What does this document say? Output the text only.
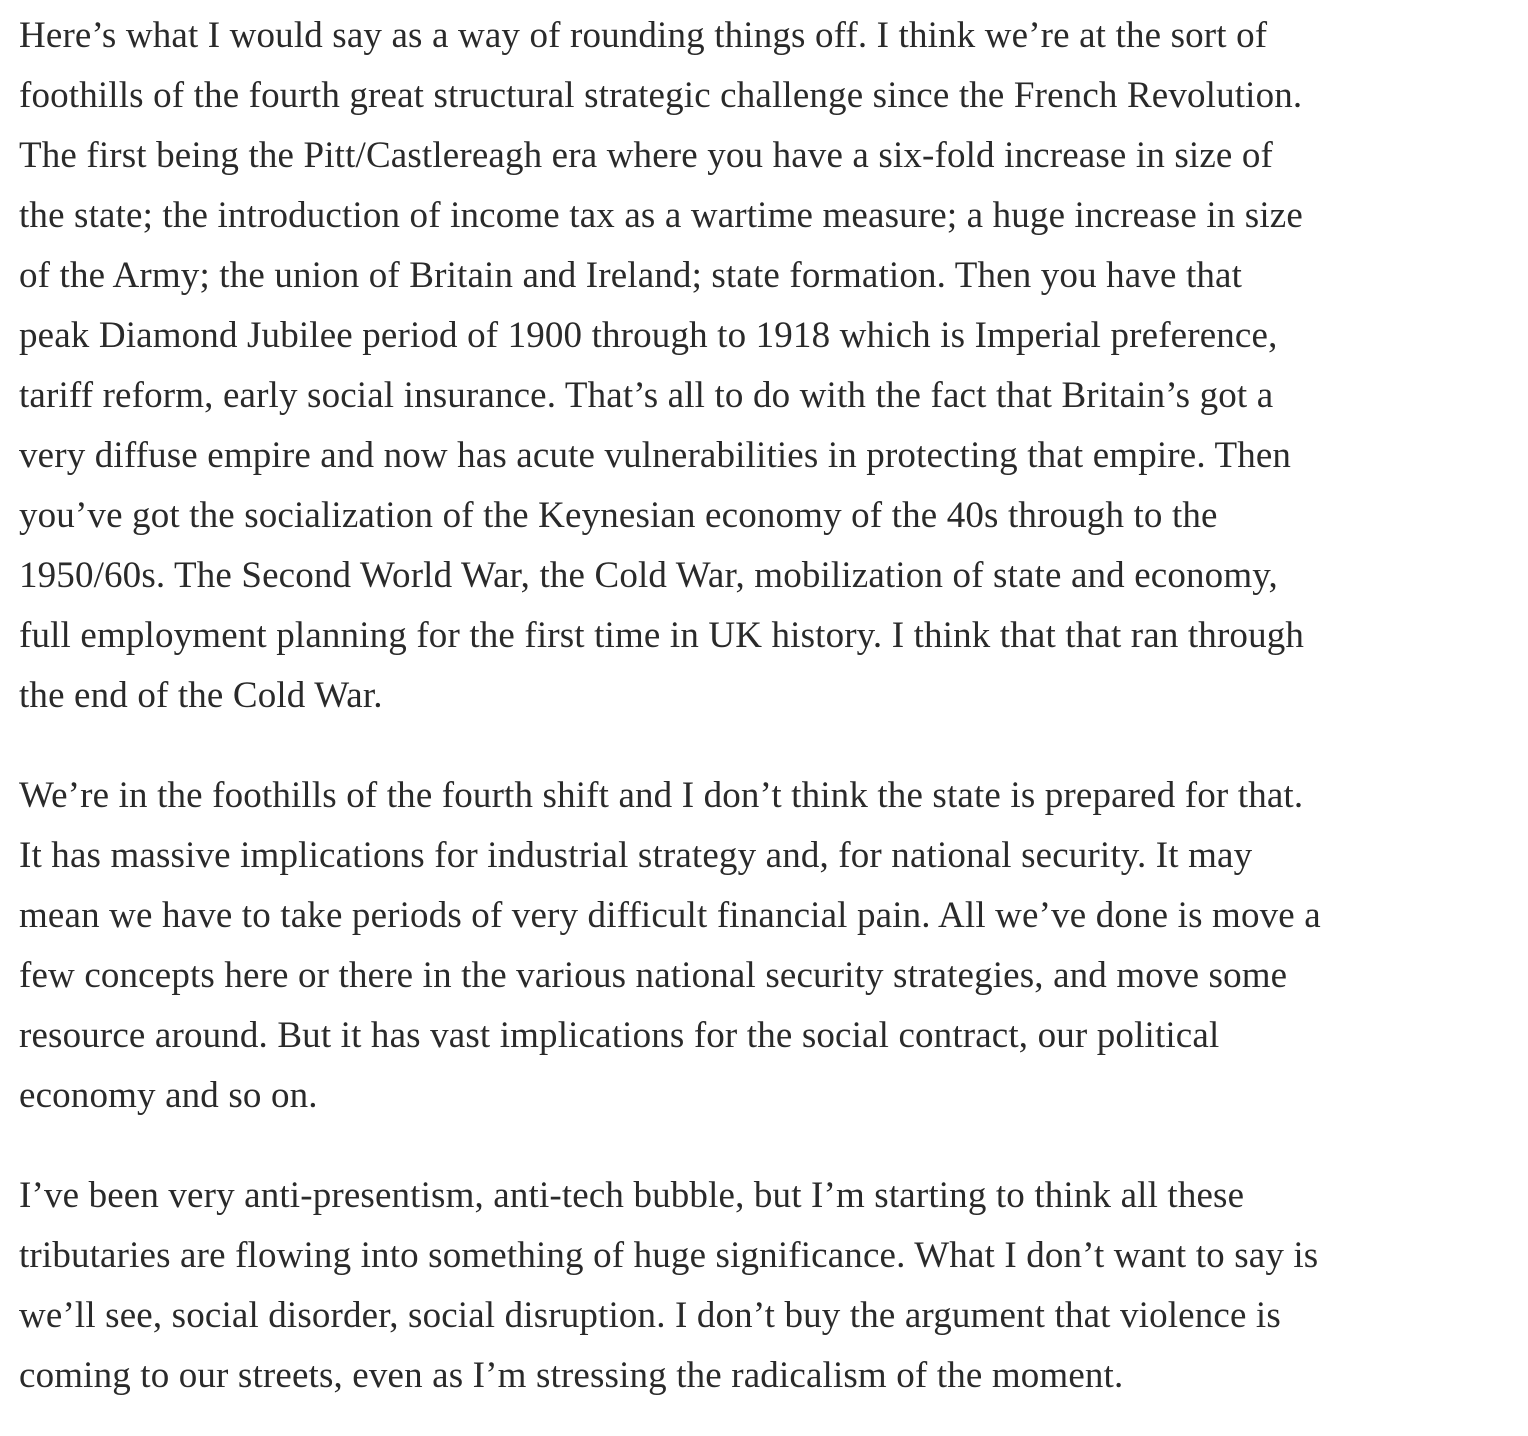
Here’s what I would say as a way of rounding things off. I think we’re at the sort of
foothills of the fourth great structural strategic challenge since the French Revolution.
The first being the Pitt/Castlereagh era where you have a six-fold increase in size of
the state; the introduction of income tax as a wartime measure; a huge increase in size
of the Army; the union of Britain and Ireland; state formation. Then you have that
peak Diamond Jubilee period of 1900 through to 1918 which is Imperial preference,
tariff reform, early social insurance. That’s all to do with the fact that Britain’s got a
very diffuse empire and now has acute vulnerabilities in protecting that empire. Then
you’ve got the socialization of the Keynesian economy of the 40s through to the
1950/60s. The Second World War, the Cold War, mobilization of state and economy,
full employment planning for the first time in UK history. I think that that ran through
the end of the Cold War.

We’re in the foothills of the fourth shift and I don’t think the state is prepared for that.
It has massive implications for industrial strategy and, for national security. It may
mean we have to take periods of very difficult financial pain. All we’ve done is move a
few concepts here or there in the various national security strategies, and move some
resource around. But it has vast implications for the social contract, our political
economy and so on.

I’ve been very anti-presentism, anti-tech bubble, but I’m starting to think all these
tributaries are flowing into something of huge significance. What I don’t want to say is
we’ll see, social disorder, social disruption. I don’t buy the argument that violence is
coming to our streets, even as I’m stressing the radicalism of the moment.
